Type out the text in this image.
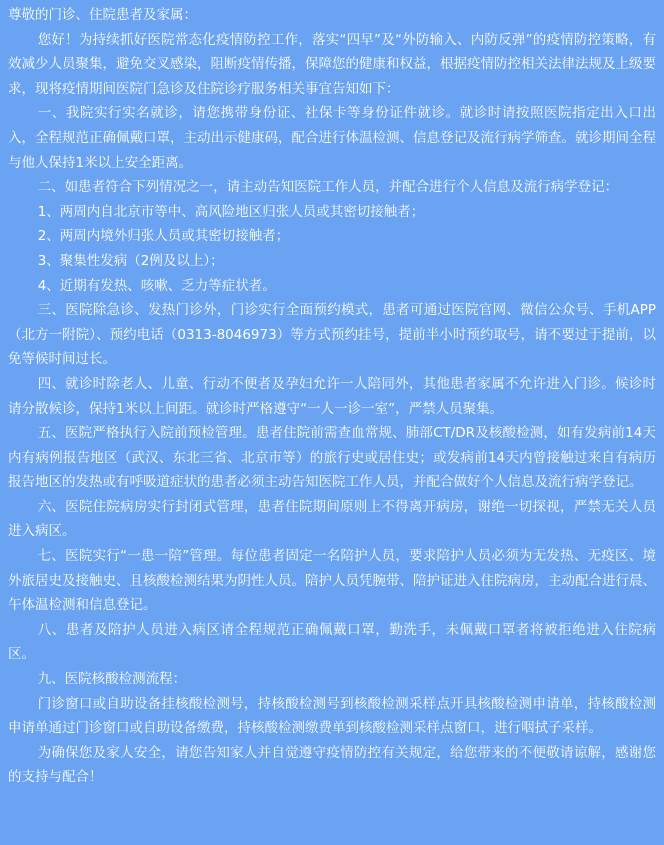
尊敬的门诊、住院患者及家属：

您好！为持续抓好医院常态化疫情防控工作，落实“四早”及“外防输入、内防反弹”的疫情防控策略，有效减少人员聚集，避免交叉感染，阻断疫情传播，保障您的健康和权益，根据疫情防控相关法律法规及上级要求，现将疫情期间医院门急诊及住院诊疗服务相关事宜告知如下：

一、我院实行实名就诊，请您携带身份证、社保卡等身份证件就诊。就诊时请按照医院指定出入口出入，全程规范正确佩戴口罩，主动出示健康码，配合进行体温检测、信息登记及流行病学筛查。就诊期间全程与他人保持1米以上安全距离。

二、如患者符合下列情况之一，请主动告知医院工作人员，并配合进行个人信息及流行病学登记：

1、两周内自北京市等中、高风险地区归张人员或其密切接触者；

2、两周内境外归张人员或其密切接触者；

3、聚集性发病（2例及以上）；

4、近期有发热、咳嗽、乏力等症状者。

三、医院除急诊、发热门诊外，门诊实行全面预约模式，患者可通过医院官网、微信公众号、手机APP（北方一附院）、预约电话（0313-8046973）等方式预约挂号，提前半小时预约取号，请不要过于提前，以免等候时间过长。

四、就诊时除老人、儿童、行动不便者及孕妇允许一人陪同外，其他患者家属不允许进入门诊。候诊时请分散候诊，保持1米以上间距。就诊时严格遵守“一人一诊一室”，严禁人员聚集。

五、医院严格执行入院前预检管理。患者住院前需查血常规、肺部CT/DR及核酸检测，如有发病前14天内有病例报告地区（武汉、东北三省、北京市等）的旅行史或居住史；或发病前14天内曾接触过来自有病历报告地区的发热或有呼吸道症状的患者必须主动告知医院工作人员，并配合做好个人信息及流行病学登记。

六、医院住院病房实行封闭式管理，患者住院期间原则上不得离开病房，谢绝一切探视，严禁无关人员进入病区。

七、医院实行“一患一陪”管理。每位患者固定一名陪护人员，要求陪护人员必须为无发热、无疫区、境外旅居史及接触史、且核酸检测结果为阴性人员。陪护人员凭腕带、陪护证进入住院病房，主动配合进行晨、午体温检测和信息登记。

八、患者及陪护人员进入病区请全程规范正确佩戴口罩，勤洗手，未佩戴口罩者将被拒绝进入住院病区。

九、医院核酸检测流程：

门诊窗口或自助设备挂核酸检测号，持核酸检测号到核酸检测采样点开具核酸检测申请单，持核酸检测申请单通过门诊窗口或自助设备缴费，持核酸检测缴费单到核酸检测采样点窗口，进行咽拭子采样。

为确保您及家人安全，请您告知家人并自觉遵守疫情防控有关规定，给您带来的不便敬请谅解，感谢您的支持与配合！
